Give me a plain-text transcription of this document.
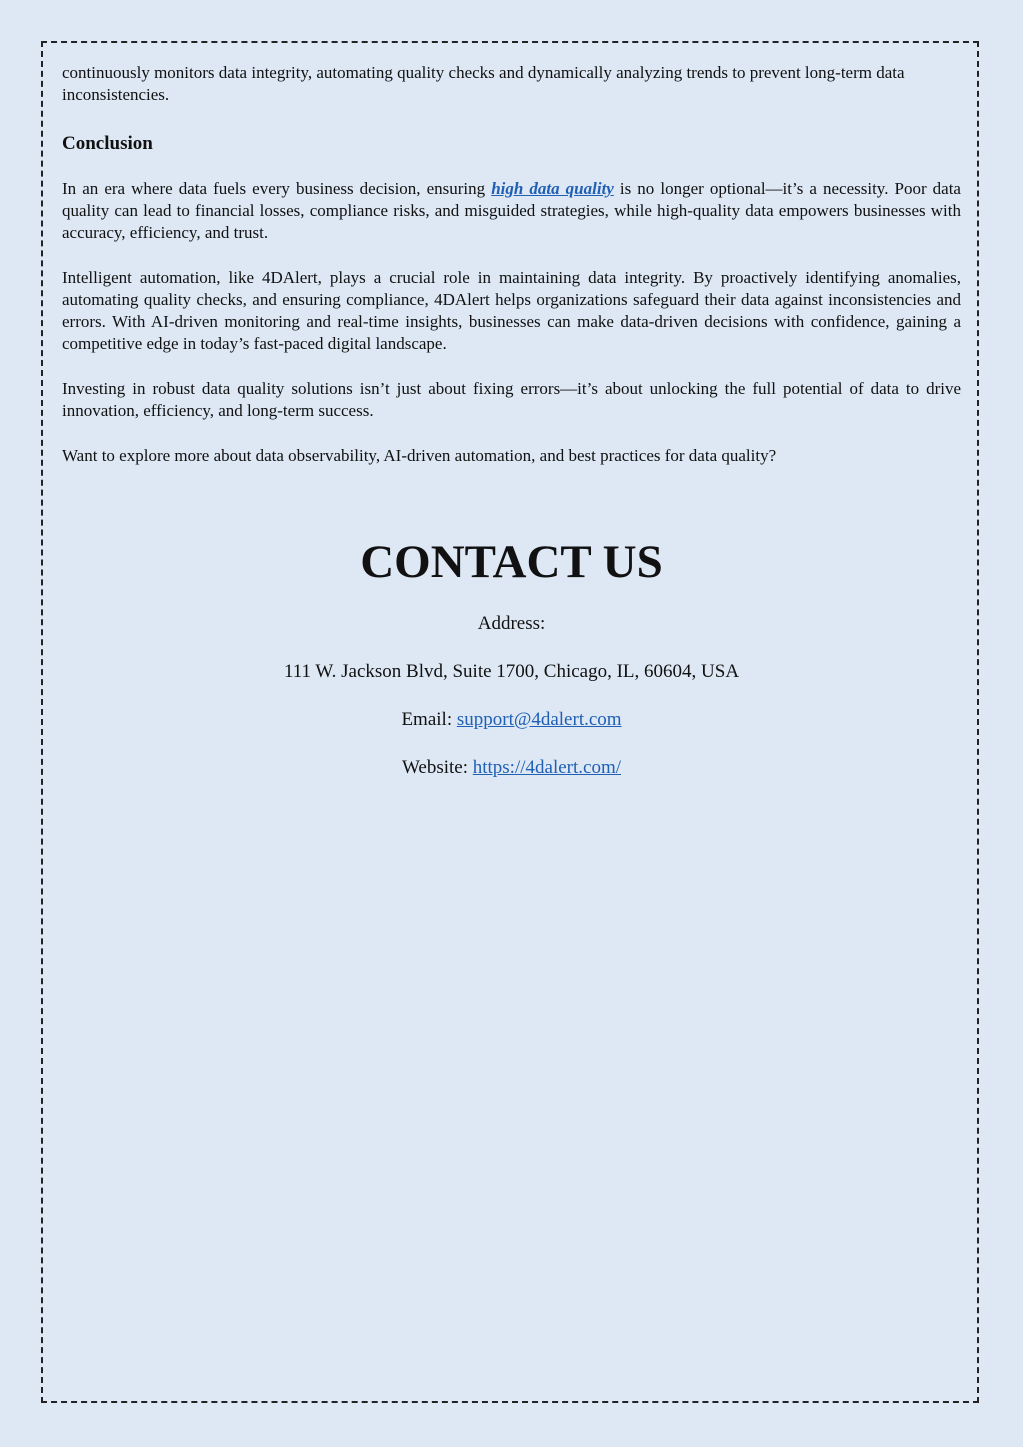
continuously monitors data integrity, automating quality checks and dynamically analyzing trends to prevent long-term data inconsistencies.

Conclusion

In an era where data fuels every business decision, ensuring high data quality is no longer optional—it’s a necessity. Poor data quality can lead to financial losses, compliance risks, and misguided strategies, while high-quality data empowers businesses with accuracy, efficiency, and trust.

Intelligent automation, like 4DAlert, plays a crucial role in maintaining data integrity. By proactively identifying anomalies, automating quality checks, and ensuring compliance, 4DAlert helps organizations safeguard their data against inconsistencies and errors. With AI-driven monitoring and real-time insights, businesses can make data-driven decisions with confidence, gaining a competitive edge in today’s fast-paced digital landscape.

Investing in robust data quality solutions isn’t just about fixing errors—it’s about unlocking the full potential of data to drive innovation, efficiency, and long-term success.

Want to explore more about data observability, AI-driven automation, and best practices for data quality?

CONTACT US

Address:

111 W. Jackson Blvd, Suite 1700, Chicago, IL, 60604, USA

Email: support@4dalert.com

Website: https://4dalert.com/
